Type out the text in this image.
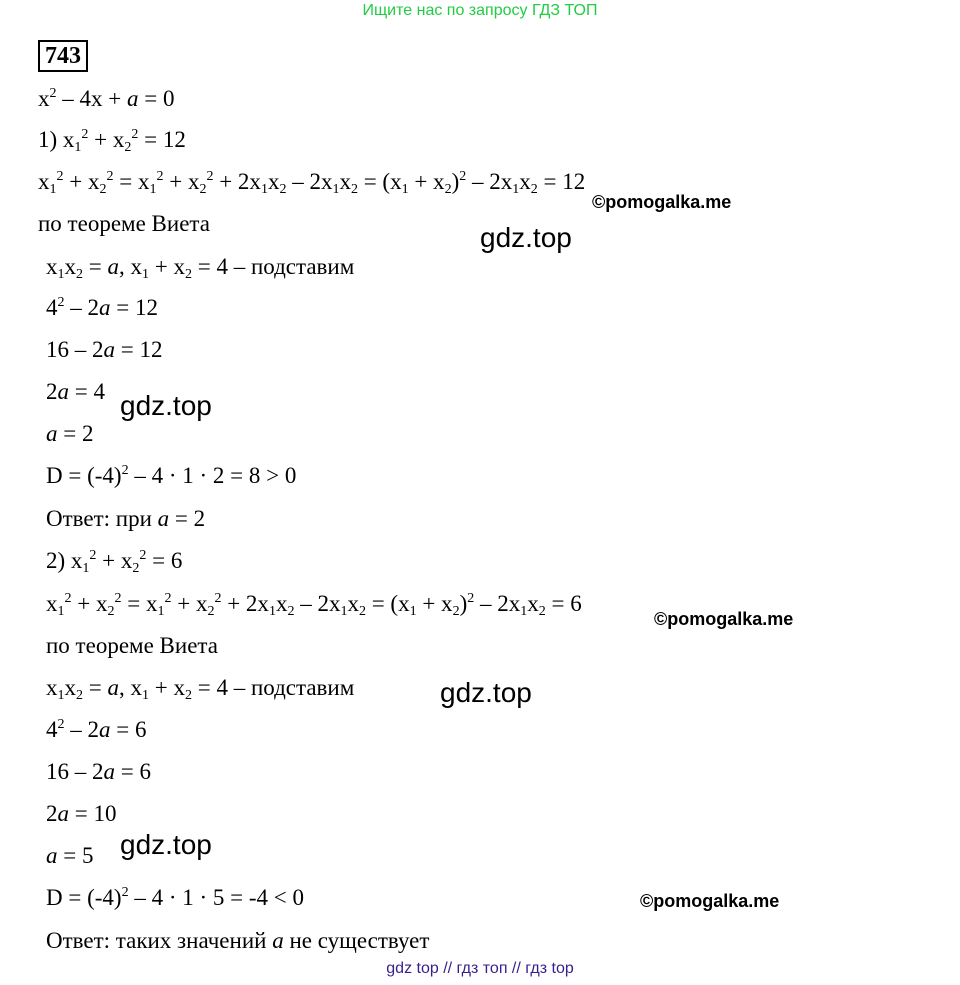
Ищите нас по запросу ГДЗ ТОП
743
$x^2 - 4x + a = 0$
1) $x_1^2 + x_2^2 = 12$
$x_1^2 + x_2^2 = x_1^2 + x_2^2 + 2x_1x_2 - 2x_1x_2 = (x_1 + x_2)^2 - 2x_1x_2 = 12$
по теореме Виета
$x_1x_2 = a$, $x_1 + x_2 = 4$ – подставим
$4^2 - 2a = 12$
16 – 2a = 12
2a = 4
a = 2
$D = (-4)^2 - 4 \cdot 1 \cdot 2 = 8 > 0$
Ответ: при a = 2
2) $x_1^2 + x_2^2 = 6$
$x_1^2 + x_2^2 = x_1^2 + x_2^2 + 2x_1x_2 - 2x_1x_2 = (x_1 + x_2)^2 - 2x_1x_2 = 6$
по теореме Виета
$x_1x_2 = a$, $x_1 + x_2 = 4$ – подставим
$4^2 - 2a = 6$
16 – 2a = 6
2a = 10
a = 5
$D = (-4)^2 - 4 \cdot 1 \cdot 5 = -4 < 0$
Ответ: таких значений a не существует
gdz.top
gdz.top
gdz.top
gdz.top
©pomogalka.me
©pomogalka.me
©pomogalka.me
gdz top // гдз топ // гдз top
